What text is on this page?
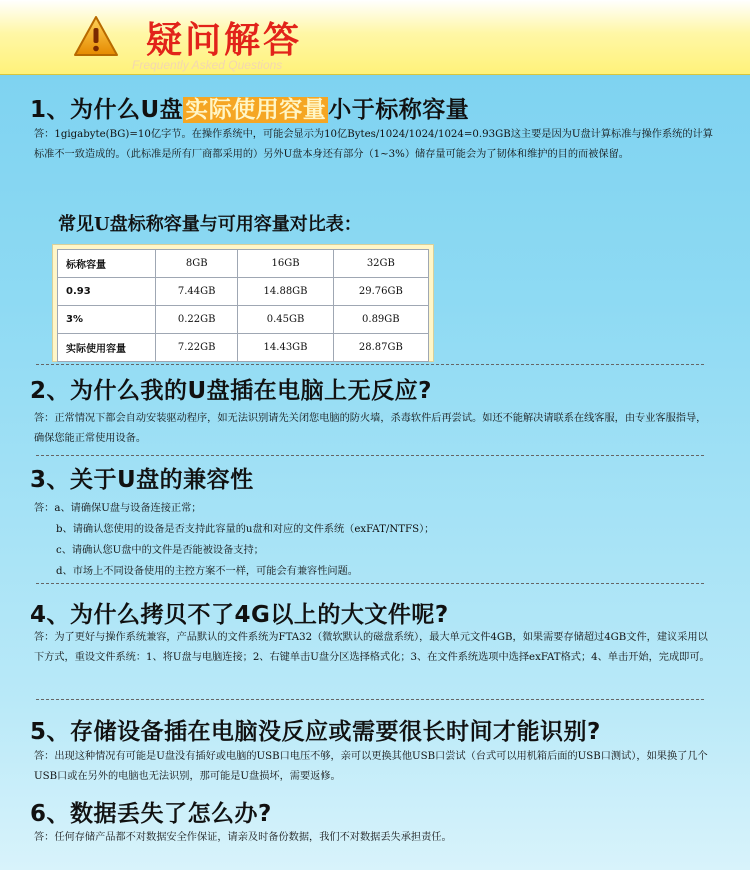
疑问解答
Frequently Asked Questions
1、为什么U盘实际使用容量小于标称容量
答：1gigabyte(BG)=10亿字节。在操作系统中，可能会显示为10亿Bytes/1024/1024/1024=0.93GB这主要是因为U盘计算标准与操作系统的计算标准不一致造成的。（此标准是所有厂商都采用的）另外U盘本身还有部分（1~3%）储存量可能会为了韧体和维护的目的而被保留。
常见U盘标称容量与可用容量对比表：
标称容量	8GB	16GB	32GB
0.93	7.44GB	14.88GB	29.76GB
3%	0.22GB	0.45GB	0.89GB
实际使用容量	7.22GB	14.43GB	28.87GB
2、为什么我的U盘插在电脑上无反应?
答：正常情况下都会自动安装驱动程序，如无法识别请先关闭您电脑的防火墙，杀毒软件后再尝试。如还不能解决请联系在线客服，由专业客服指导，确保您能正常使用设备。
3、关于U盘的兼容性
答：a、请确保U盘与设备连接正常；
b、请确认您使用的设备是否支持此容量的u盘和对应的文件系统（exFAT/NTFS）；
c、请确认您U盘中的文件是否能被设备支持；
d、市场上不同设备使用的主控方案不一样，可能会有兼容性问题。
4、为什么拷贝不了4G以上的大文件呢?
答：为了更好与操作系统兼容，产品默认的文件系统为FTA32（微软默认的磁盘系统），最大单元文件4GB，如果需要存储超过4GB文件，建议采用以下方式，重设文件系统：1、将U盘与电脑连接；2、右键单击U盘分区选择格式化；3、在文件系统选项中选择exFAT格式；4、单击开始，完成即可。
5、存储设备插在电脑没反应或需要很长时间才能识别?
答：出现这种情况有可能是U盘没有插好或电脑的USB口电压不够，亲可以更换其他USB口尝试（台式可以用机箱后面的USB口测试），如果换了几个USB口或在另外的电脑也无法识别，那可能是U盘损坏，需要返修。
6、数据丢失了怎么办?
答：任何存储产品都不对数据安全作保证，请亲及时备份数据，我们不对数据丢失承担责任。
